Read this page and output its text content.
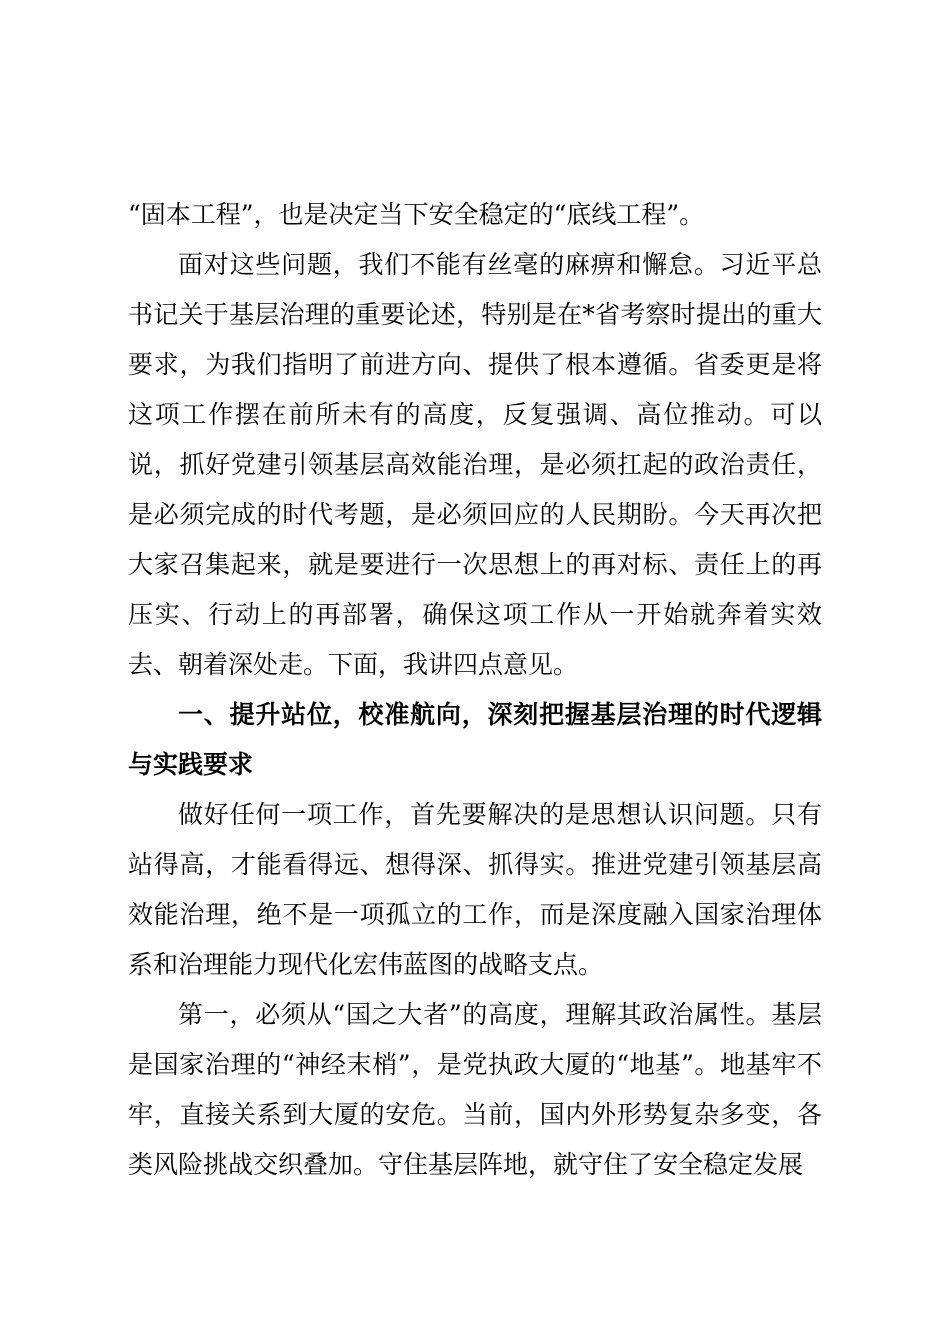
“固本工程”，也是决定当下安全稳定的“底线工程”。

面对这些问题，我们不能有丝毫的麻痹和懈怠。习近平总书记关于基层治理的重要论述，特别是在*省考察时提出的重大要求，为我们指明了前进方向、提供了根本遵循。省委更是将这项工作摆在前所未有的高度，反复强调、高位推动。可以说，抓好党建引领基层高效能治理，是必须扛起的政治责任，是必须完成的时代考题，是必须回应的人民期盼。今天再次把大家召集起来，就是要进行一次思想上的再对标、责任上的再压实、行动上的再部署，确保这项工作从一开始就奔着实效去、朝着深处走。下面，我讲四点意见。

一、提升站位，校准航向，深刻把握基层治理的时代逻辑与实践要求

做好任何一项工作，首先要解决的是思想认识问题。只有站得高，才能看得远、想得深、抓得实。推进党建引领基层高效能治理，绝不是一项孤立的工作，而是深度融入国家治理体系和治理能力现代化宏伟蓝图的战略支点。

第一，必须从“国之大者”的高度，理解其政治属性。基层是国家治理的“神经末梢”，是党执政大厦的“地基”。地基牢不牢，直接关系到大厦的安危。当前，国内外形势复杂多变，各类风险挑战交织叠加。守住基层阵地，就守住了安全稳定发展
